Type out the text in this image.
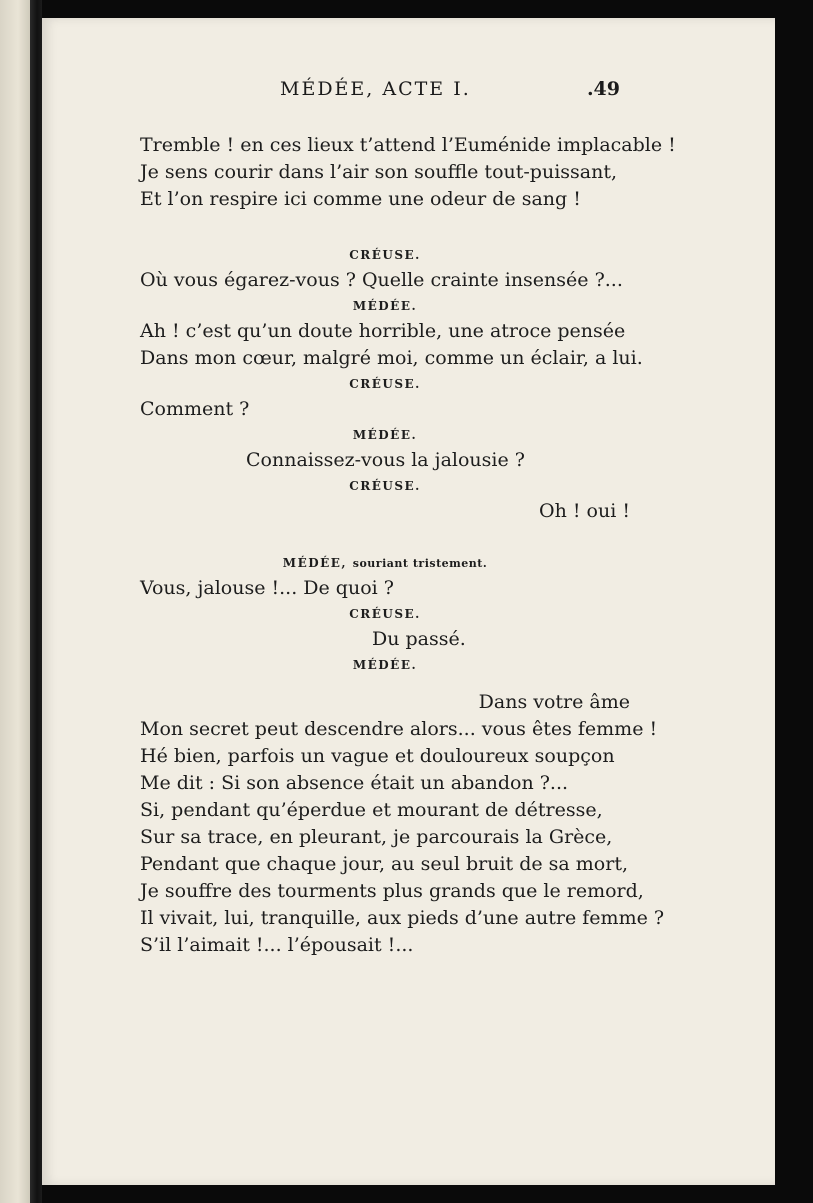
MÉDÉE, ACTE I.	.49
Tremble ! en ces lieux t’attend l’Euménide implacable !
Je sens courir dans l’air son souffle tout-puissant,
Et l’on respire ici comme une odeur de sang !
CRÉUSE.
Où vous égarez-vous ? Quelle crainte insensée ?...
MÉDÉE.
Ah ! c’est qu’un doute horrible, une atroce pensée
Dans mon cœur, malgré moi, comme un éclair, a lui.
CRÉUSE.
Comment ?
MÉDÉE.
Connaissez-vous la jalousie ?
CRÉUSE.
Oh ! oui !
MÉDÉE, souriant tristement.
Vous, jalouse !... De quoi ?
CRÉUSE.
Du passé.
MÉDÉE.
Dans votre âme
Mon secret peut descendre alors... vous êtes femme !
Hé bien, parfois un vague et douloureux soupçon
Me dit : Si son absence était un abandon ?...
Si, pendant qu’éperdue et mourant de détresse,
Sur sa trace, en pleurant, je parcourais la Grèce,
Pendant que chaque jour, au seul bruit de sa mort,
Je souffre des tourments plus grands que le remord,
Il vivait, lui, tranquille, aux pieds d’une autre femme ?
S’il l’aimait !... l’épousait !...
